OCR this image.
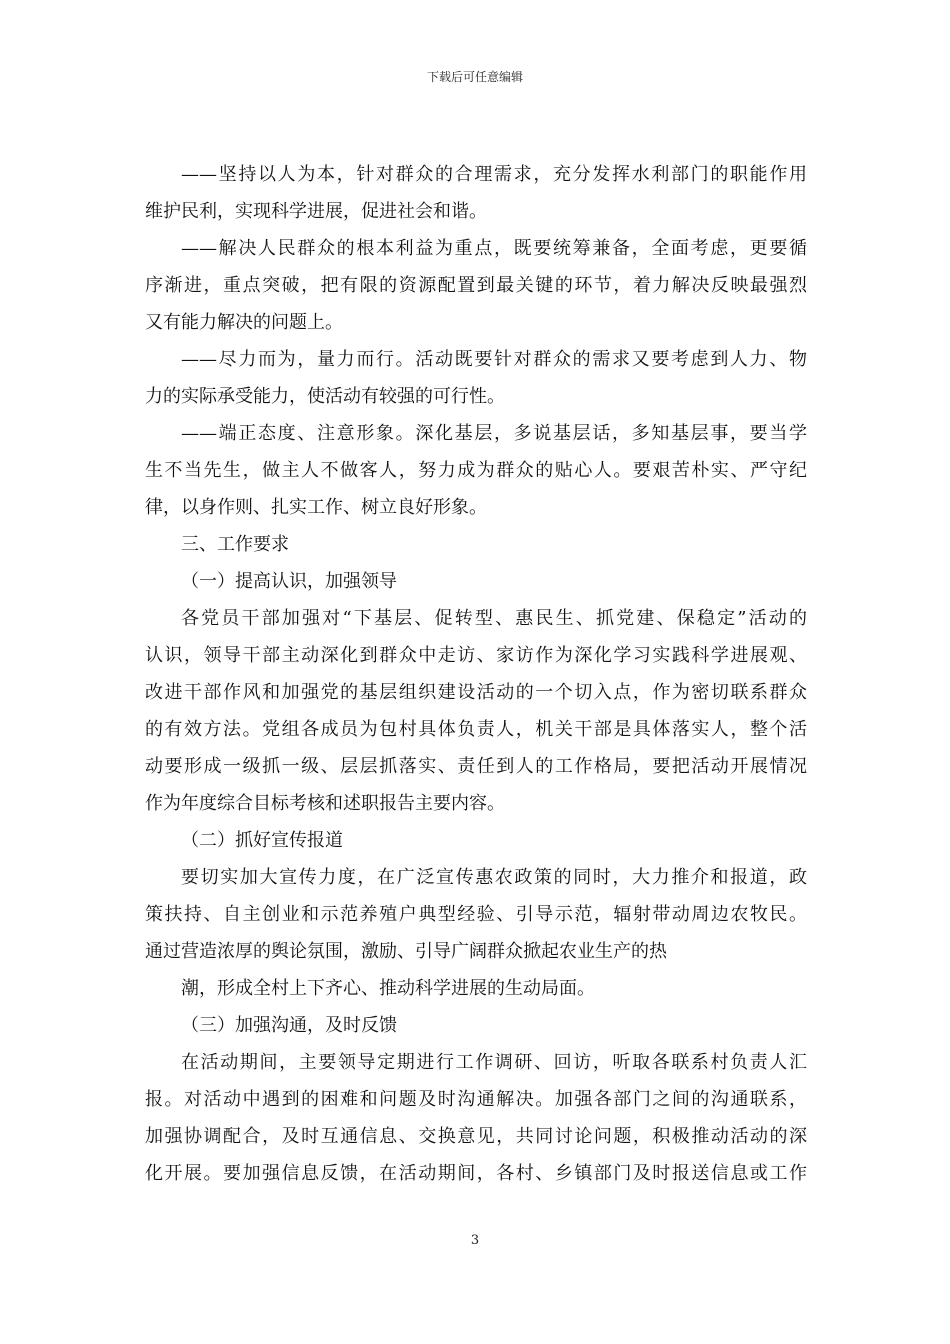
下载后可任意编辑
——坚持以人为本，针对群众的合理需求，充分发挥水利部门的职能作用
维护民利，实现科学进展，促进社会和谐。
——解决人民群众的根本利益为重点，既要统筹兼备，全面考虑，更要循
序渐进，重点突破，把有限的资源配置到最关键的环节，着力解决反映最强烈
又有能力解决的问题上。
——尽力而为，量力而行。活动既要针对群众的需求又要考虑到人力、物
力的实际承受能力，使活动有较强的可行性。
——端正态度、注意形象。深化基层，多说基层话，多知基层事，要当学
生不当先生，做主人不做客人，努力成为群众的贴心人。要艰苦朴实、严守纪
律，以身作则、扎实工作、树立良好形象。
三、工作要求
（一）提高认识，加强领导
各党员干部加强对“下基层、促转型、惠民生、抓党建、保稳定”活动的
认识，领导干部主动深化到群众中走访、家访作为深化学习实践科学进展观、
改进干部作风和加强党的基层组织建设活动的一个切入点，作为密切联系群众
的有效方法。党组各成员为包村具体负责人，机关干部是具体落实人，整个活
动要形成一级抓一级、层层抓落实、责任到人的工作格局，要把活动开展情况
作为年度综合目标考核和述职报告主要内容。
（二）抓好宣传报道
要切实加大宣传力度，在广泛宣传惠农政策的同时，大力推介和报道，政
策扶持、自主创业和示范养殖户典型经验、引导示范，辐射带动周边农牧民。
通过营造浓厚的舆论氛围，激励、引导广阔群众掀起农业生产的热
潮，形成全村上下齐心、推动科学进展的生动局面。
（三）加强沟通，及时反馈
在活动期间，主要领导定期进行工作调研、回访，听取各联系村负责人汇
报。对活动中遇到的困难和问题及时沟通解决。加强各部门之间的沟通联系，
加强协调配合，及时互通信息、交换意见，共同讨论问题，积极推动活动的深
化开展。要加强信息反馈，在活动期间，各村、乡镇部门及时报送信息或工作
3
